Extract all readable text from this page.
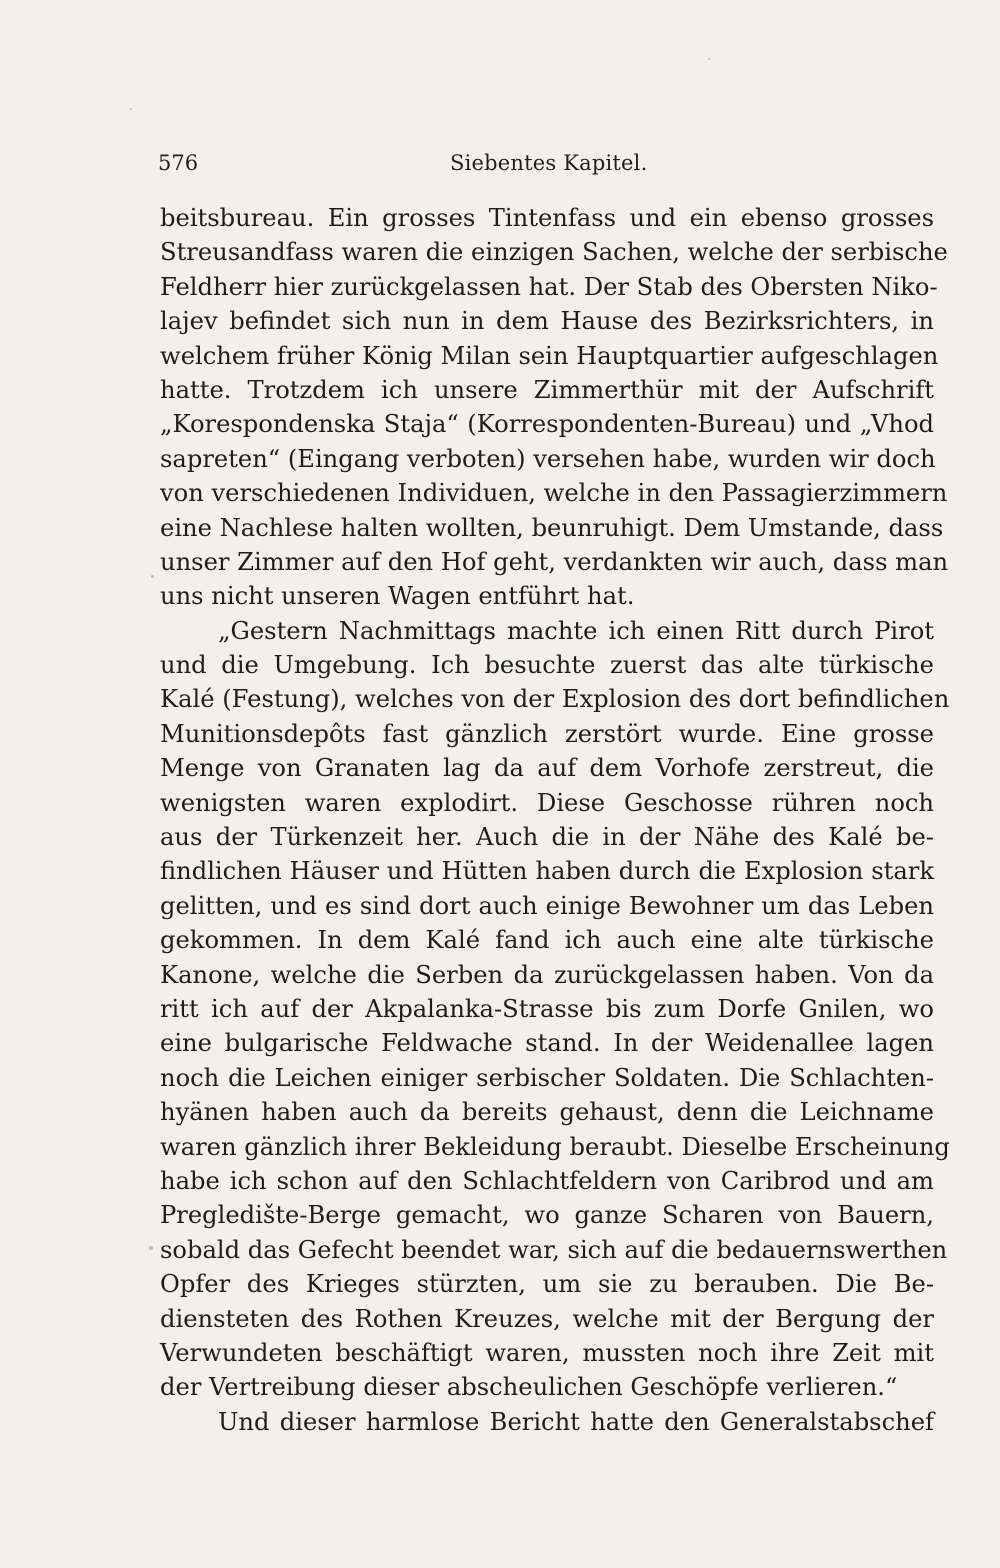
576	Siebentes Kapitel.
beitsbureau. Ein grosses Tintenfass und ein ebenso grosses
Streusandfass waren die einzigen Sachen, welche der serbische
Feldherr hier zurückgelassen hat. Der Stab des Obersten Niko-
lajev befindet sich nun in dem Hause des Bezirksrichters, in
welchem früher König Milan sein Hauptquartier aufgeschlagen
hatte. Trotzdem ich unsere Zimmerthür mit der Aufschrift
„Korespondenska Staja“ (Korrespondenten-Bureau) und „Vhod
sapreten“ (Eingang verboten) versehen habe, wurden wir doch
von verschiedenen Individuen, welche in den Passagierzimmern
eine Nachlese halten wollten, beunruhigt. Dem Umstande, dass
unser Zimmer auf den Hof geht, verdankten wir auch, dass man
uns nicht unseren Wagen entführt hat.
„Gestern Nachmittags machte ich einen Ritt durch Pirot
und die Umgebung. Ich besuchte zuerst das alte türkische
Kalé (Festung), welches von der Explosion des dort befindlichen
Munitionsdepôts fast gänzlich zerstört wurde. Eine grosse
Menge von Granaten lag da auf dem Vorhofe zerstreut, die
wenigsten waren explodirt. Diese Geschosse rühren noch
aus der Türkenzeit her. Auch die in der Nähe des Kalé be-
findlichen Häuser und Hütten haben durch die Explosion stark
gelitten, und es sind dort auch einige Bewohner um das Leben
gekommen. In dem Kalé fand ich auch eine alte türkische
Kanone, welche die Serben da zurückgelassen haben. Von da
ritt ich auf der Akpalanka-Strasse bis zum Dorfe Gnilen, wo
eine bulgarische Feldwache stand. In der Weidenallee lagen
noch die Leichen einiger serbischer Soldaten. Die Schlachten-
hyänen haben auch da bereits gehaust, denn die Leichname
waren gänzlich ihrer Bekleidung beraubt. Dieselbe Erscheinung
habe ich schon auf den Schlachtfeldern von Caribrod und am
Pregledište-Berge gemacht, wo ganze Scharen von Bauern,
sobald das Gefecht beendet war, sich auf die bedauernswerthen
Opfer des Krieges stürzten, um sie zu berauben. Die Be-
diensteten des Rothen Kreuzes, welche mit der Bergung der
Verwundeten beschäftigt waren, mussten noch ihre Zeit mit
der Vertreibung dieser abscheulichen Geschöpfe verlieren.“
Und dieser harmlose Bericht hatte den Generalstabschef
